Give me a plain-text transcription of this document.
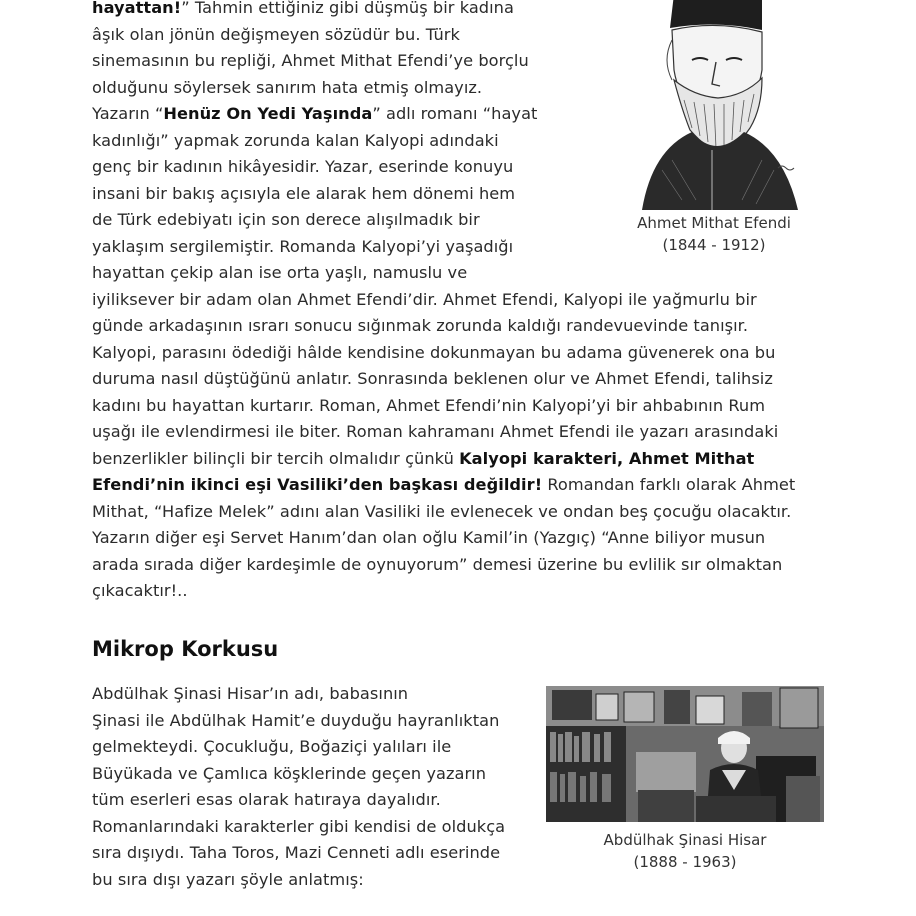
hayattan!” Tahmin ettiğiniz gibi düşmüş bir kadına
âşık olan jönün değişmeyen sözüdür bu. Türk
sinemasının bu repliği, Ahmet Mithat Efendi’ye borçlu
olduğunu söylersek sanırım hata etmiş olmayız.
Yazarın “Henüz On Yedi Yaşında” adlı romanı “hayat
kadınlığı” yapmak zorunda kalan Kalyopi adındaki
genç bir kadının hikâyesidir. Yazar, eserinde konuyu
insani bir bakış açısıyla ele alarak hem dönemi hem
de Türk edebiyatı için son derece alışılmadık bir
yaklaşım sergilemiştir. Romanda Kalyopi’yi yaşadığı
hayattan çekip alan ise orta yaşlı, namuslu ve

iyiliksever bir adam olan Ahmet Efendi’dir. Ahmet Efendi, Kalyopi ile yağmurlu bir
günde arkadaşının ısrarı sonucu sığınmak zorunda kaldığı randevuevinde tanışır.
Kalyopi, parasını ödediği hâlde kendisine dokunmayan bu adama güvenerek ona bu
duruma nasıl düştüğünü anlatır. Sonrasında beklenen olur ve Ahmet Efendi, talihsiz
kadını bu hayattan kurtarır. Roman, Ahmet Efendi’nin Kalyopi’yi bir ahbabının Rum
uşağı ile evlendirmesi ile biter. Roman kahramanı Ahmet Efendi ile yazarı arasındaki
benzerlikler bilinçli bir tercih olmalıdır çünkü Kalyopi karakteri, Ahmet Mithat
Efendi’nin ikinci eşi Vasiliki’den başkası değildir! Romandan farklı olarak Ahmet
Mithat, “Hafize Melek” adını alan Vasiliki ile evlenecek ve ondan beş çocuğu olacaktır.
Yazarın diğer eşi Servet Hanım’dan olan oğlu Kamil’in (Yazgıç) “Anne biliyor musun
arada sırada diğer kardeşimle de oynuyorum” demesi üzerine bu evlilik sır olmaktan
çıkacaktır!..

Ahmet Mithat Efendi
(1844 - 1912)
Mikrop Korkusu

Abdülhak Şinasi Hisar’ın adı, babasının
Şinasi ile Abdülhak Hamit’e duyduğu hayranlıktan
gelmekteydi. Çocukluğu, Boğaziçi yalıları ile
Büyükada ve Çamlıca köşklerinde geçen yazarın
tüm eserleri esas olarak hatıraya dayalıdır.
Romanlarındaki karakterler gibi kendisi de oldukça
sıra dışıydı. Taha Toros, Mazi Cenneti adlı eserinde
bu sıra dışı yazarı şöyle anlatmış:

Abdülhak Şinasi Hisar
(1888 - 1963)
